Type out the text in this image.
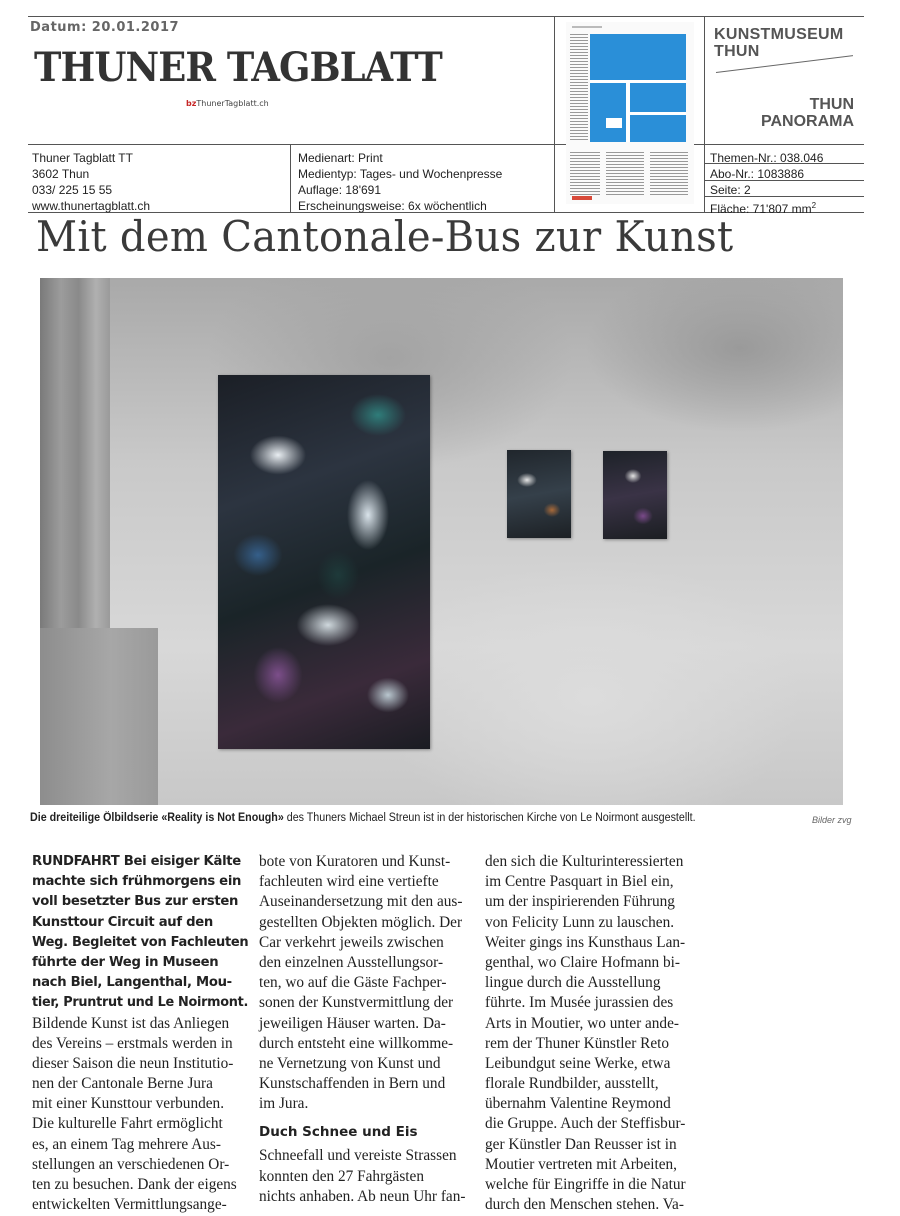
Datum: 20.01.2017
THUNER TAGBLATT
bzThunerTagblatt.ch
Thuner Tagblatt TT
3602 Thun
033/ 225 15 55
www.thunertagblatt.ch
Medienart: Print
Medientyp: Tages- und Wochenpresse
Auflage: 18'691
Erscheinungsweise: 6x wöchentlich
Themen-Nr.: 038.046
Abo-Nr.: 1083886
Seite: 2
Fläche: 71'807 $mm^2$
KUNSTMUSEUM
THUN
THUN
PANORAMA
Mit dem Cantonale-Bus zur Kunst
Die dreiteilige Ölbildserie «Reality is Not Enough» des Thuners Michael Streun ist in der historischen Kirche von Le Noirmont ausgestellt.	Bilder zvg
RUNDFAHRT Bei eisiger Kälte
machte sich frühmorgens ein
voll besetzter Bus zur ersten
Kunsttour Circuit auf den
Weg. Begleitet von Fachleuten
führte der Weg in Museen
nach Biel, Langenthal, Mou-
tier, Pruntrut und Le Noirmont.
Bildende Kunst ist das Anliegen
des Vereins – erstmals werden in
dieser Saison die neun Institutio-
nen der Cantonale Berne Jura
mit einer Kunsttour verbunden.
Die kulturelle Fahrt ermöglicht
es, an einem Tag mehrere Aus-
stellungen an verschiedenen Or-
ten zu besuchen. Dank der eigens
entwickelten Vermittlungsange-
bote von Kuratoren und Kunst-
fachleuten wird eine vertiefte
Auseinandersetzung mit den aus-
gestellten Objekten möglich. Der
Car verkehrt jeweils zwischen
den einzelnen Ausstellungsor-
ten, wo auf die Gäste Fachper-
sonen der Kunstvermittlung der
jeweiligen Häuser warten. Da-
durch entsteht eine willkomme-
ne Vernetzung von Kunst und
Kunstschaffenden in Bern und
im Jura.
Duch Schnee und Eis
Schneefall und vereiste Strassen
konnten den 27 Fahrgästen
nichts anhaben. Ab neun Uhr fan-
den sich die Kulturinteressierten
im Centre Pasquart in Biel ein,
um der inspirierenden Führung
von Felicity Lunn zu lauschen.
Weiter gings ins Kunsthaus Lan-
genthal, wo Claire Hofmann bi-
lingue durch die Ausstellung
führte. Im Musée jurassien des
Arts in Moutier, wo unter ande-
rem der Thuner Künstler Reto
Leibundgut seine Werke, etwa
florale Rundbilder, ausstellt,
übernahm Valentine Reymond
die Gruppe. Auch der Steffisbur-
ger Künstler Dan Reusser ist in
Moutier vertreten mit Arbeiten,
welche für Eingriffe in die Natur
durch den Menschen stehen. Va-
